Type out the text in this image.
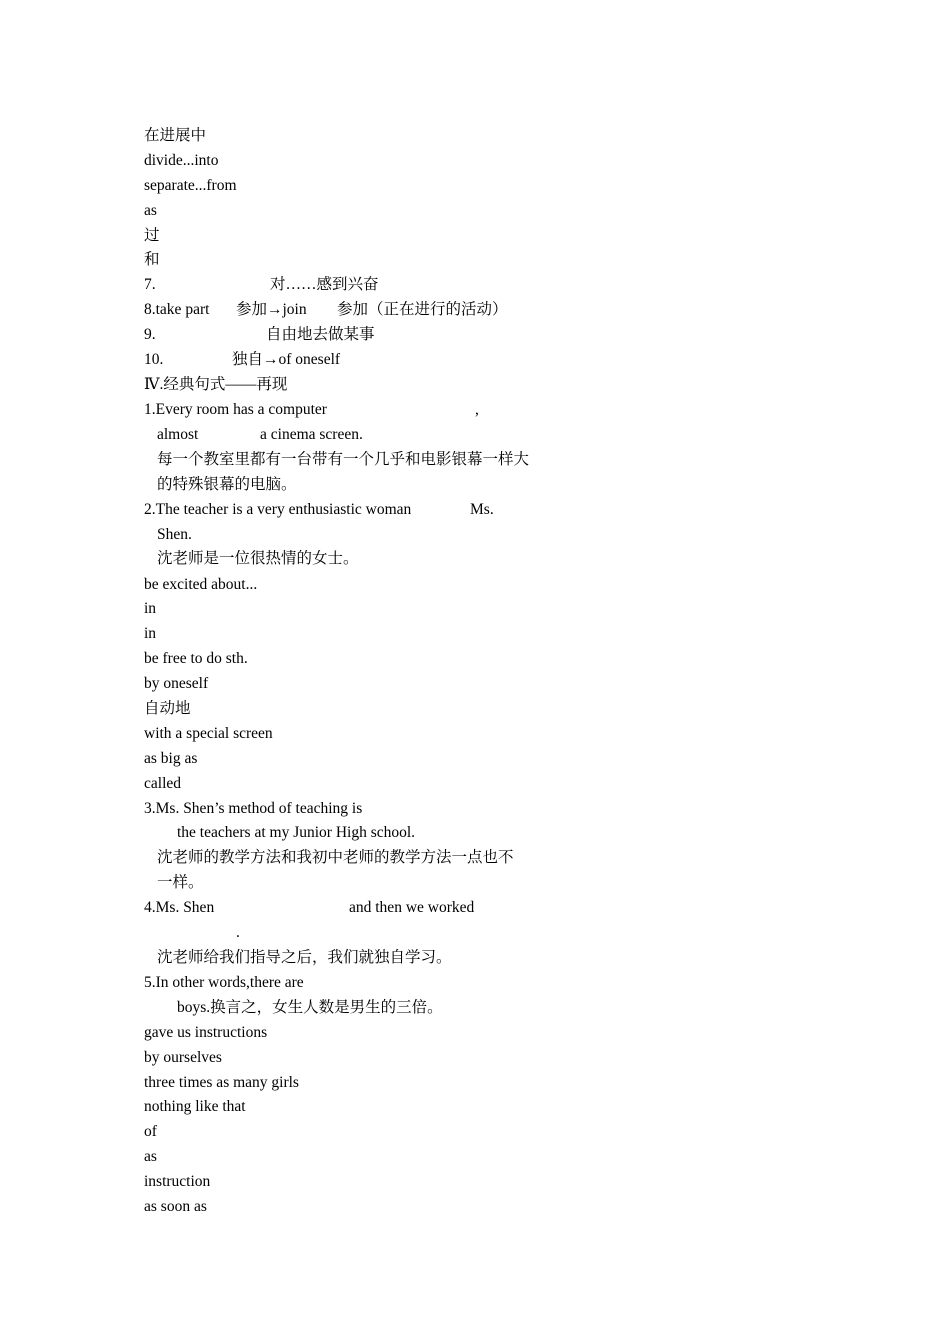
在进展中
divide...into
separate...from
as
过
和

7.

	对……感到兴奋

8.take part

参加→join

参加（正在进行的活动）

9.

	自由地去做某事

10.

	独自→of oneself

Ⅳ.经典句式——再现

1.Every room has a computer

	,

almost

	a cinema screen.

每一个教室里都有一台带有一个几乎和电影银幕一样大
的特殊银幕的电脑。

2.The teacher is a very enthusiastic woman

	Ms.

Shen.
沈老师是一位很热情的女士。
be excited about...
in
in
be free to do sth.
by oneself
自动地
with a special screen
as big as
called
3.Ms. Shen’s method of teaching is
the teachers at my Junior High school.
沈老师的教学方法和我初中老师的教学方法一点也不
一样。

4.Ms. Shen

	and then we worked

.
沈老师给我们指导之后，我们就独自学习。
5.In other words,there are
boys.换言之，女生人数是男生的三倍。
gave us instructions
by ourselves
three times as many girls
nothing like that
of
as
instruction
as soon as
